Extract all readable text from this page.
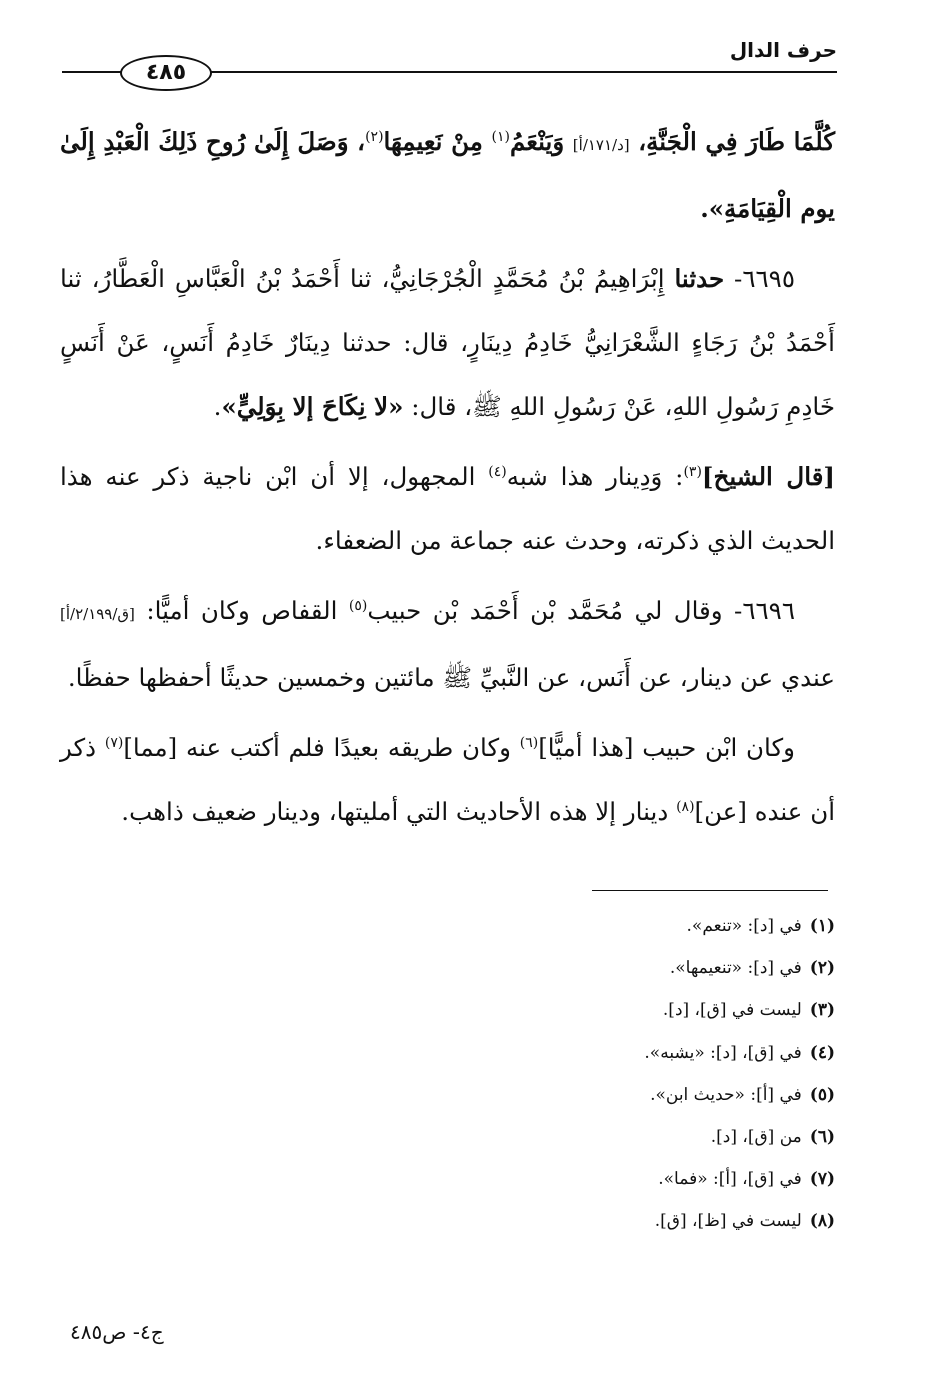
حرف الدال
٤٨٥

كُلَّمَا طَارَ فِي الْجَنَّةِ، [د/١٧١/أ] وَيَنْعَمُ$^{(١)}$ مِنْ نَعِيمِهَا$^{(٢)}$، وَصَلَ إِلَىٰ رُوحِ ذَلِكَ الْعَبْدِ إِلَىٰ يوم الْقِيَامَةِ».

٦٦٩٥- حدثنا إِبْرَاهِيمُ بْنُ مُحَمَّدٍ الْجُرْجَانِيُّ، ثنا أَحْمَدُ بْنُ الْعَبَّاسِ الْعَطَّارُ، ثنا أَحْمَدُ بْنُ رَجَاءٍ الشَّعْرَانِيُّ خَادِمُ دِينَارٍ، قال: حدثنا دِينَارٌ خَادِمُ أَنَسٍ، عَنْ أَنَسٍ خَادِمِ رَسُولِ اللهِ، عَنْ رَسُولِ اللهِ ﷺ، قال: «لا نِكَاحَ إلا بِوَلِيٍّ».

[قال الشيخ]$^{(٣)}$: وَدِينار هذا شبه$^{(٤)}$ المجهول، إلا أن ابْن ناجية ذكر عنه هذا الحديث الذي ذكرته، وحدث عنه جماعة من الضعفاء.

٦٦٩٦- وقال لي مُحَمَّد بْن أَحْمَد بْن حبيب$^{(٥)}$ القفاص وكان أميًّا: [ق/٢/١٩٩/أ] عندي عن دينار، عن أَنَس، عن النَّبيِّ ﷺ مائتين وخمسين حديثًا أحفظها حفظًا.

وكان ابْن حبيب [هذا أميًّا]$^{(٦)}$ وكان طريقه بعيدًا فلم أكتب عنه [مما]$^{(٧)}$ ذكر أن عنده [عن]$^{(٨)}$ دينار إلا هذه الأحاديث التي أمليتها، ودينار ضعيف ذاهب.

(١)في [د]: «تنعم».
(٢)في [د]: «تنعيمها».
(٣)ليست في [ق]، [د].
(٤)في [ق]، [د]: «يشبه».
(٥)في [أ]: «حديث ابن».
(٦)من [ق]، [د].
(٧)في [ق]، [أ]: «فما».
(٨)ليست في [ظ]، [ق].
ج٤- ص٤٨٥
